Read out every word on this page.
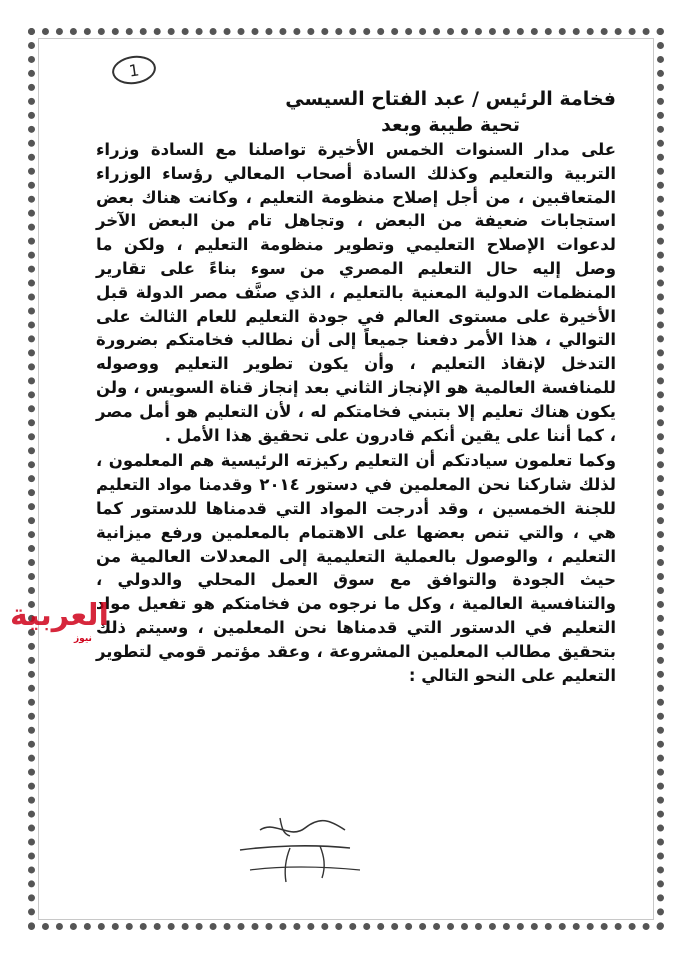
1

فخامة الرئيس / عبد الفتاح السيسي

تحية طيبة وبعد

على مدار السنوات الخمس الأخيرة تواصلنا مع السادة وزراء التربية والتعليم وكذلك السادة أصحاب المعالي رؤساء الوزراء المتعاقبين ، من أجل إصلاح منظومة التعليم ، وكانت هناك بعض استجابات ضعيفة من البعض ، وتجاهل تام من البعض الآخر لدعوات الإصلاح التعليمي وتطوير منظومة التعليم ، ولكن ما وصل إليه حال التعليم المصري من سوء بناءً على تقارير المنظمات الدولية المعنية بالتعليم ، الذي صنَّف مصر الدولة قبل الأخيرة على مستوى العالم في جودة التعليم للعام الثالث على التوالي ، هذا الأمر دفعنا جميعاً إلى أن نطالب فخامتكم بضرورة التدخل لإنقاذ التعليم ، وأن يكون تطوير التعليم ووصوله للمنافسة العالمية هو الإنجاز الثاني بعد إنجاز قناة السويس ، ولن يكون هناك تعليم إلا بتبني فخامتكم له ، لأن التعليم هو أمل مصر ، كما أننا على يقين أنكم قادرون على تحقيق هذا الأمل .

وكما تعلمون سيادتكم أن التعليم ركيزته الرئيسية هم المعلمون ، لذلك شاركنا نحن المعلمين في دستور ٢٠١٤ وقدمنا مواد التعليم للجنة الخمسين ، وقد أدرجت المواد التي قدمناها للدستور كما هي ، والتي تنص بعضها على الاهتمام بالمعلمين ورفع ميزانية التعليم ، والوصول بالعملية التعليمية إلى المعدلات العالمية من حيث الجودة والتوافق مع سوق العمل المحلي والدولي ، والتنافسية العالمية ، وكل ما نرجوه من فخامتكم هو تفعيل مواد التعليم في الدستور التي قدمناها نحن المعلمين ، وسيتم ذلك بتحقيق مطالب المعلمين المشروعة ، وعقد مؤتمر قومي لتطوير التعليم على النحو التالي :

العربية
نيوز
